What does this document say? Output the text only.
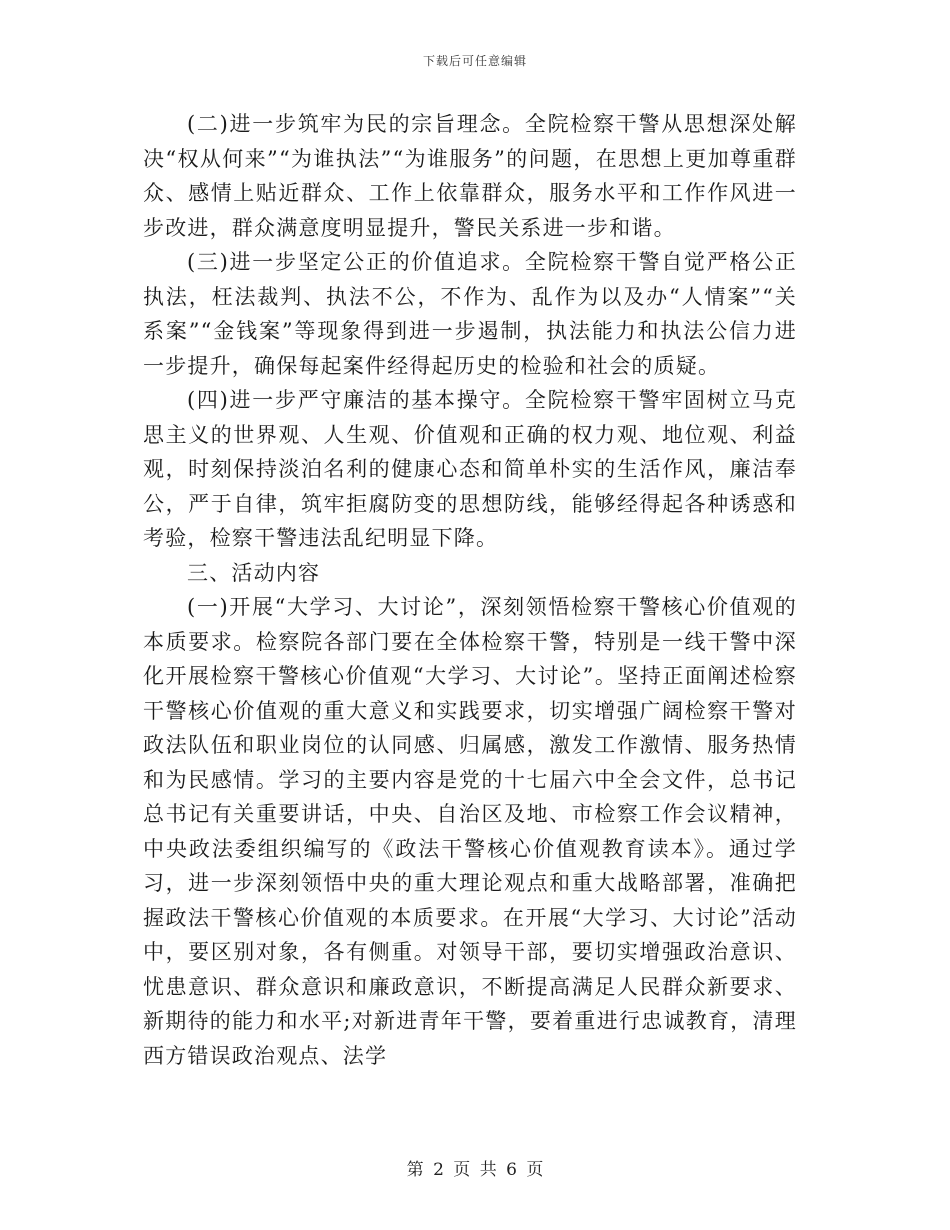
下载后可任意编辑

(二)进一步筑牢为民的宗旨理念。全院检察干警从思想深处解决“权从何来”“为谁执法”“为谁服务”的问题，在思想上更加尊重群众、感情上贴近群众、工作上依靠群众，服务水平和工作作风进一步改进，群众满意度明显提升，警民关系进一步和谐。

(三)进一步坚定公正的价值追求。全院检察干警自觉严格公正执法，枉法裁判、执法不公，不作为、乱作为以及办“人情案”“关系案”“金钱案”等现象得到进一步遏制，执法能力和执法公信力进一步提升，确保每起案件经得起历史的检验和社会的质疑。

(四)进一步严守廉洁的基本操守。全院检察干警牢固树立马克思主义的世界观、人生观、价值观和正确的权力观、地位观、利益观，时刻保持淡泊名利的健康心态和简单朴实的生活作风，廉洁奉公，严于自律，筑牢拒腐防变的思想防线，能够经得起各种诱惑和考验，检察干警违法乱纪明显下降。

三、活动内容

(一)开展“大学习、大讨论”，深刻领悟检察干警核心价值观的本质要求。检察院各部门要在全体检察干警，特别是一线干警中深化开展检察干警核心价值观“大学习、大讨论”。坚持正面阐述检察干警核心价值观的重大意义和实践要求，切实增强广阔检察干警对政法队伍和职业岗位的认同感、归属感，激发工作激情、服务热情和为民感情。学习的主要内容是党的十七届六中全会文件，总书记总书记有关重要讲话，中央、自治区及地、市检察工作会议精神，中央政法委组织编写的《政法干警核心价值观教育读本》。通过学习，进一步深刻领悟中央的重大理论观点和重大战略部署，准确把握政法干警核心价值观的本质要求。在开展“大学习、大讨论”活动中，要区别对象，各有侧重。对领导干部，要切实增强政治意识、忧患意识、群众意识和廉政意识，不断提高满足人民群众新要求、新期待的能力和水平;对新进青年干警，要着重进行忠诚教育，清理西方错误政治观点、法学

第 2 页 共 6 页
